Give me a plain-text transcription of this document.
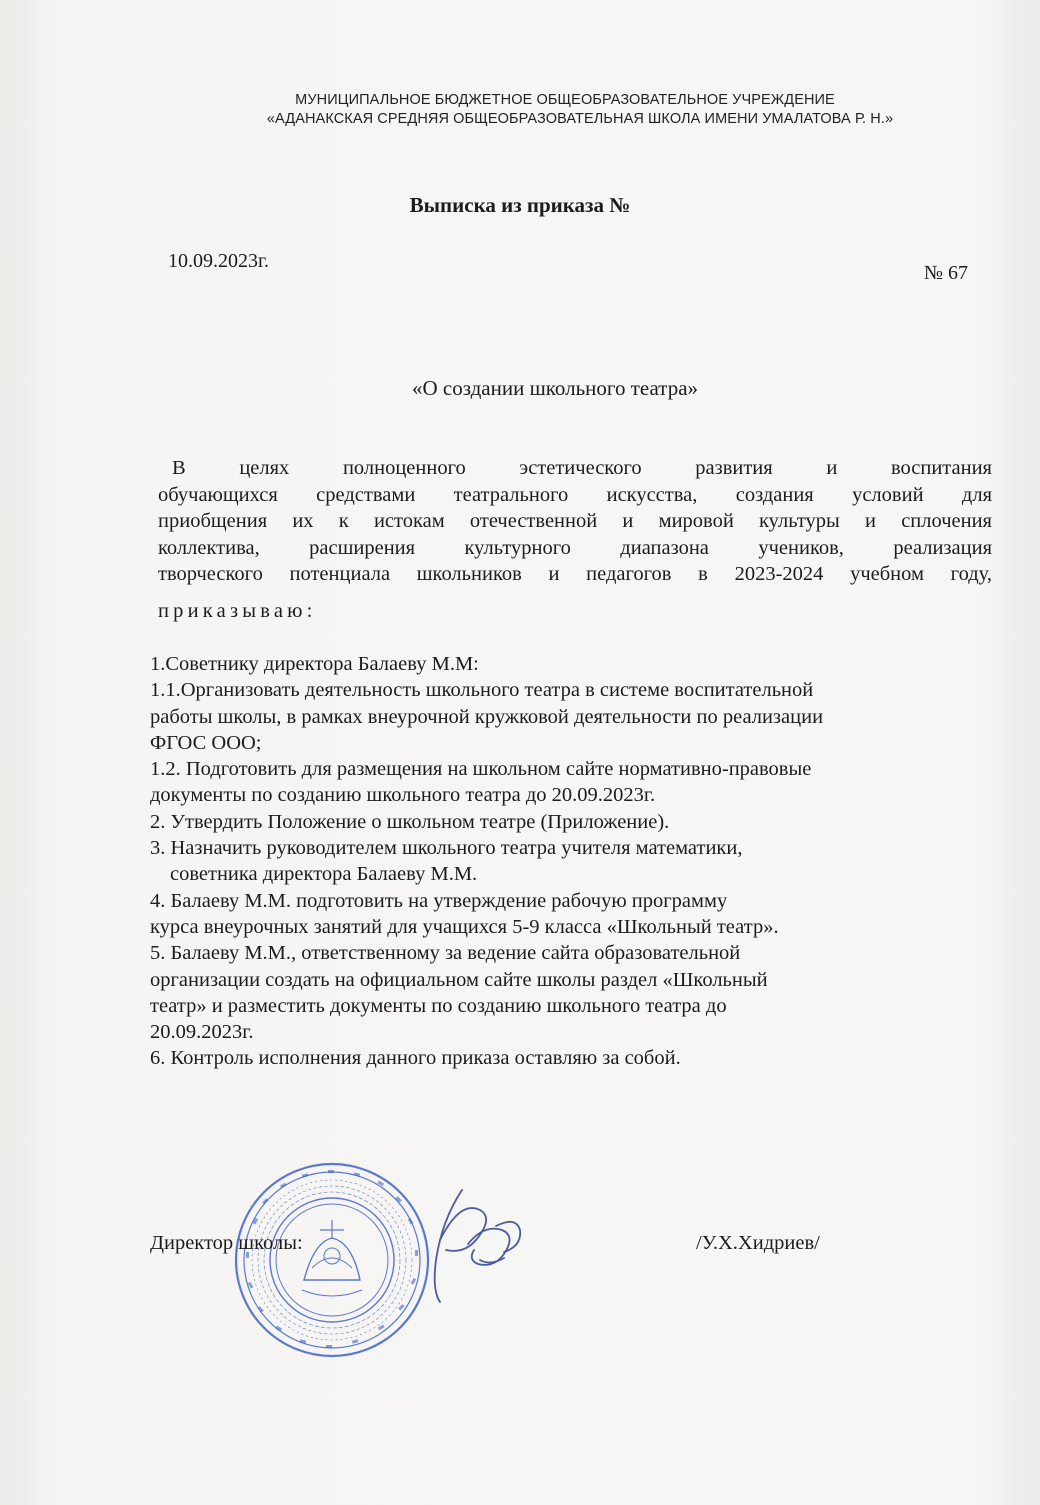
МУНИЦИПАЛЬНОЕ БЮДЖЕТНОЕ ОБЩЕОБРАЗОВАТЕЛЬНОЕ УЧРЕЖДЕНИЕ
«АДАНАКСКАЯ СРЕДНЯЯ ОБЩЕОБРАЗОВАТЕЛЬНАЯ ШКОЛА ИМЕНИ УМАЛАТОВА Р. Н.»
Выписка из приказа №
10.09.2023г.
№ 67
«О создании школьного театра»

В целях полноценного эстетического развития и воспитания

обучающихся средствами театрального искусства, создания условий для

приобщения их к истокам отечественной и мировой культуры и сплочения

коллектива, расширения культурного диапазона учеников, реализация

творческого потенциала школьников и педагогов в 2023-2024 учебном году,

приказываю:
1.Советнику директора Балаеву М.М:
1.1.Организовать деятельность школьного театра в системе воспитательной
работы школы, в рамках внеурочной кружковой деятельности по реализации
ФГОС ООО;
1.2. Подготовить для размещения на школьном сайте нормативно-правовые
документы по созданию школьного театра до 20.09.2023г.
2. Утвердить Положение о школьном театре (Приложение).
3. Назначить руководителем школьного театра учителя математики,
советника директора Балаеву М.М.
4. Балаеву М.М. подготовить на утверждение рабочую программу
курса внеурочных занятий для учащихся 5-9 класса «Школьный театр».
5. Балаеву М.М., ответственному за ведение сайта образовательной
организации создать на официальном сайте школы раздел «Школьный
театр» и разместить документы по созданию школьного театра до
20.09.2023г.
6. Контроль исполнения данного приказа оставляю за собой.
Директор школы:	/У.Х.Хидриев/
